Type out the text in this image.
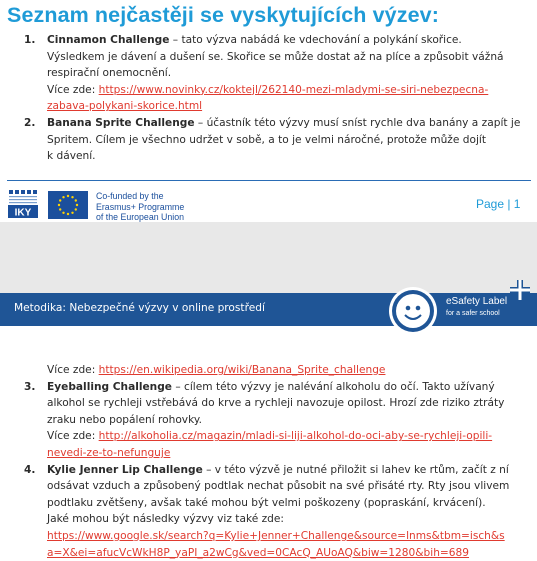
Seznam nejčastěji se vyskytujících výzev:
1. Cinnamon Challenge – tato výzva nabádá ke vdechování a polykání skořice.
Výsledkem je dávení a dušení se. Skořice se může dostat až na plíce a způsobit vážná
respirační onemocnění.
Více zde: https://www.novinky.cz/koktejl/262140-mezi-mladymi-se-siri-nebezpecna-
zabava-polykani-skorice.html
2. Banana Sprite Challenge – účastník této výzvy musí sníst rychle dva banány a zapít je
Spritem. Cílem je všechno udržet v sobě, a to je velmi náročné, protože může dojít
k dávení.
IKY
Co-funded by the
Erasmus+ Programme
of the European Union
Page | 1
Metodika: Nebezpečné výzvy v online prostředí
eSafety Label
for a safer school
Více zde: https://en.wikipedia.org/wiki/Banana_Sprite_challenge
3. Eyeballing Challenge – cílem této výzvy je nalévání alkoholu do očí. Takto užívaný
alkohol se rychleji vstřebává do krve a rychleji navozuje opilost. Hrozí zde riziko ztráty
zraku nebo popálení rohovky.
Více zde: http://alkoholia.cz/magazin/mladi-si-liji-alkohol-do-oci-aby-se-rychleji-opili-
nevedi-ze-to-nefunguje
4. Kylie Jenner Lip Challenge – v této výzvě je nutné přiložit si lahev ke rtům, začít z ní
odsávat vzduch a způsobený podtlak nechat působit na své přisáté rty. Rty jsou vlivem
podtlaku zvětšeny, avšak také mohou být velmi poškozeny (popraskání, krvácení).
Jaké mohou být následky výzvy viz také zde:
https://www.google.sk/search?q=Kylie+Jenner+Challenge&source=lnms&tbm=isch&s
a=X&ei=afucVcWkH8P_yaPI_a2wCg&ved=0CAcQ_AUoAQ&biw=1280&bih=689
